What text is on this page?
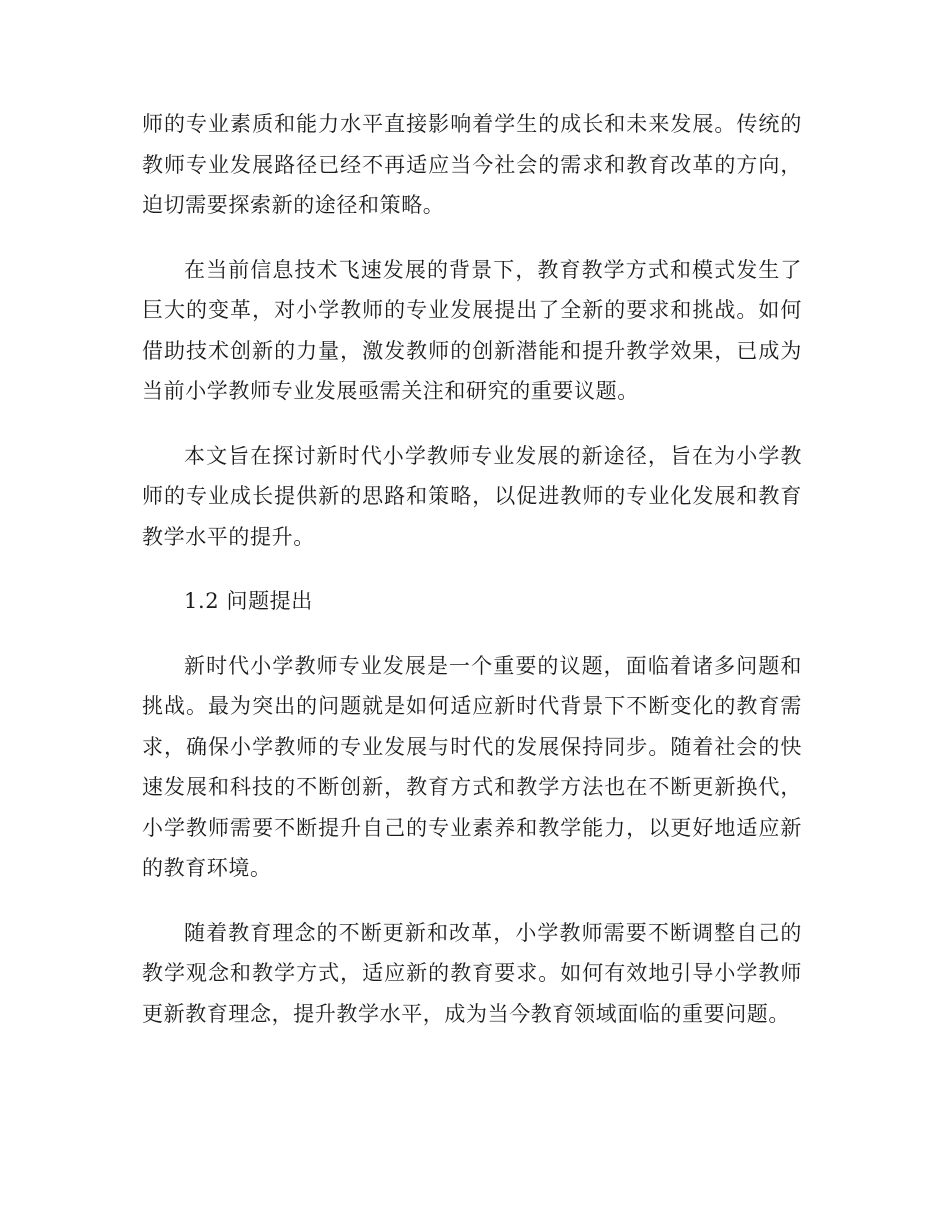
师的专业素质和能力水平直接影响着学生的成长和未来发展。传统的教师专业发展路径已经不再适应当今社会的需求和教育改革的方向，迫切需要探索新的途径和策略。

在当前信息技术飞速发展的背景下，教育教学方式和模式发生了巨大的变革，对小学教师的专业发展提出了全新的要求和挑战。如何借助技术创新的力量，激发教师的创新潜能和提升教学效果，已成为当前小学教师专业发展亟需关注和研究的重要议题。

本文旨在探讨新时代小学教师专业发展的新途径，旨在为小学教师的专业成长提供新的思路和策略，以促进教师的专业化发展和教育教学水平的提升。

1.2 问题提出

新时代小学教师专业发展是一个重要的议题，面临着诸多问题和挑战。最为突出的问题就是如何适应新时代背景下不断变化的教育需求，确保小学教师的专业发展与时代的发展保持同步。随着社会的快速发展和科技的不断创新，教育方式和教学方法也在不断更新换代，小学教师需要不断提升自己的专业素养和教学能力，以更好地适应新的教育环境。

随着教育理念的不断更新和改革，小学教师需要不断调整自己的教学观念和教学方式，适应新的教育要求。如何有效地引导小学教师更新教育理念，提升教学水平，成为当今教育领域面临的重要问题。
